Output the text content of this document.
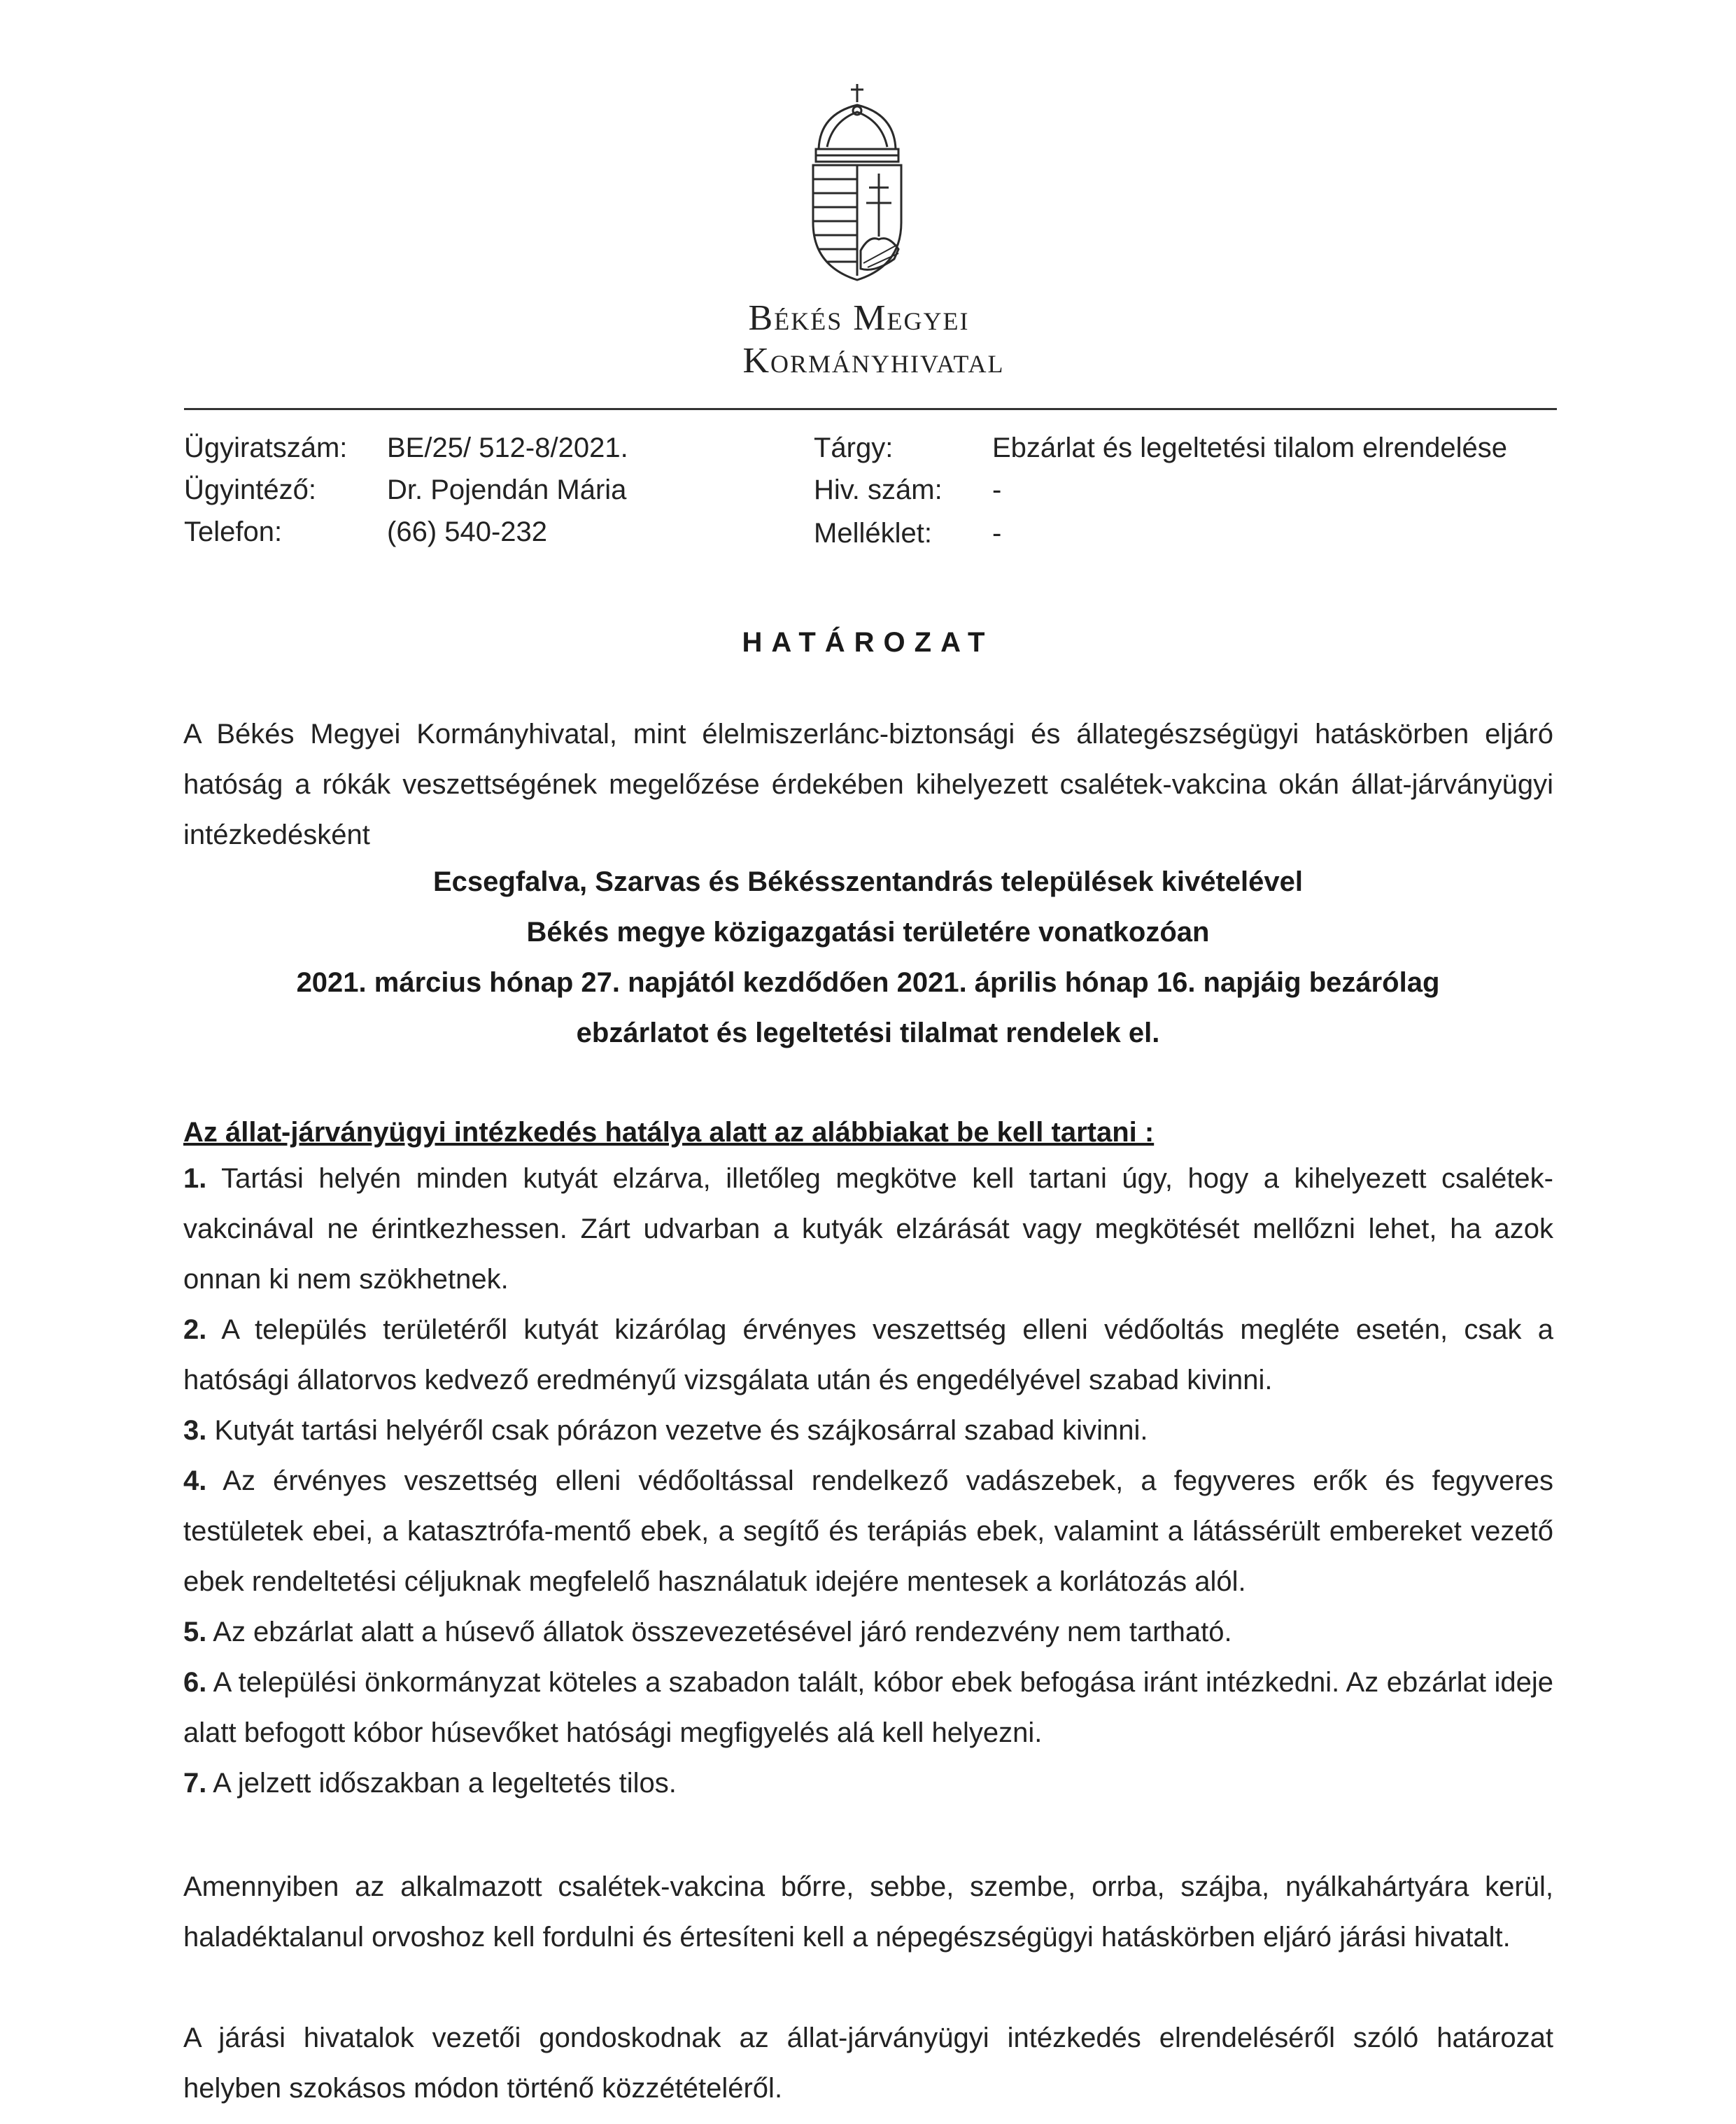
Békés Megyei
Kormányhivatal
Ügyiratszám: BE/25/ 512-8/2021.
Ügyintéző:	Dr. Pojendán Mária
Telefon:	(66) 540-232
Tárgy:	Ebzárlat és legeltetési tilalom elrendelése
Hiv. szám: -
Melléklet: -
HATÁROZAT
A Békés Megyei Kormányhivatal, mint élelmiszerlánc-biztonsági és állategészségügyi hatáskörben eljáró hatóság a rókák veszettségének megelőzése érdekében kihelyezett csalétek-vakcina okán állat-járványügyi intézkedésként
Ecsegfalva, Szarvas és Békésszentandrás települések kivételével
Békés megye közigazgatási területére vonatkozóan
2021. március hónap 27. napjától kezdődően 2021. április hónap 16. napjáig bezárólag
ebzárlatot és legeltetési tilalmat rendelek el.
Az állat-járványügyi intézkedés hatálya alatt az alábbiakat be kell tartani :
1. Tartási helyén minden kutyát elzárva, illetőleg megkötve kell tartani úgy, hogy a kihelyezett csalétek-vakcinával ne érintkezhessen. Zárt udvarban a kutyák elzárását vagy megkötését mellőzni lehet, ha azok onnan ki nem szökhetnek.
2. A település területéről kutyát kizárólag érvényes veszettség elleni védőoltás megléte esetén, csak a hatósági állatorvos kedvező eredményű vizsgálata után és engedélyével szabad kivinni.
3. Kutyát tartási helyéről csak pórázon vezetve és szájkosárral szabad kivinni.
4. Az érvényes veszettség elleni védőoltással rendelkező vadászebek, a fegyveres erők és fegyveres testületek ebei, a katasztrófa-mentő ebek, a segítő és terápiás ebek, valamint a látássérült embereket vezető ebek rendeltetési céljuknak megfelelő használatuk idejére mentesek a korlátozás alól.
5. Az ebzárlat alatt a húsevő állatok összevezetésével járó rendezvény nem tartható.
6. A települési önkormányzat köteles a szabadon talált, kóbor ebek befogása iránt intézkedni. Az ebzárlat ideje alatt befogott kóbor húsevőket hatósági megfigyelés alá kell helyezni.
7. A jelzett időszakban a legeltetés tilos.
Amennyiben az alkalmazott csalétek-vakcina bőrre, sebbe, szembe, orrba, szájba, nyálkahártyára kerül, haladéktalanul orvoshoz kell fordulni és értesíteni kell a népegészségügyi hatáskörben eljáró járási hivatalt.
A járási hivatalok vezetői gondoskodnak az állat-járványügyi intézkedés elrendeléséről szóló határozat helyben szokásos módon történő közzétételéről.
